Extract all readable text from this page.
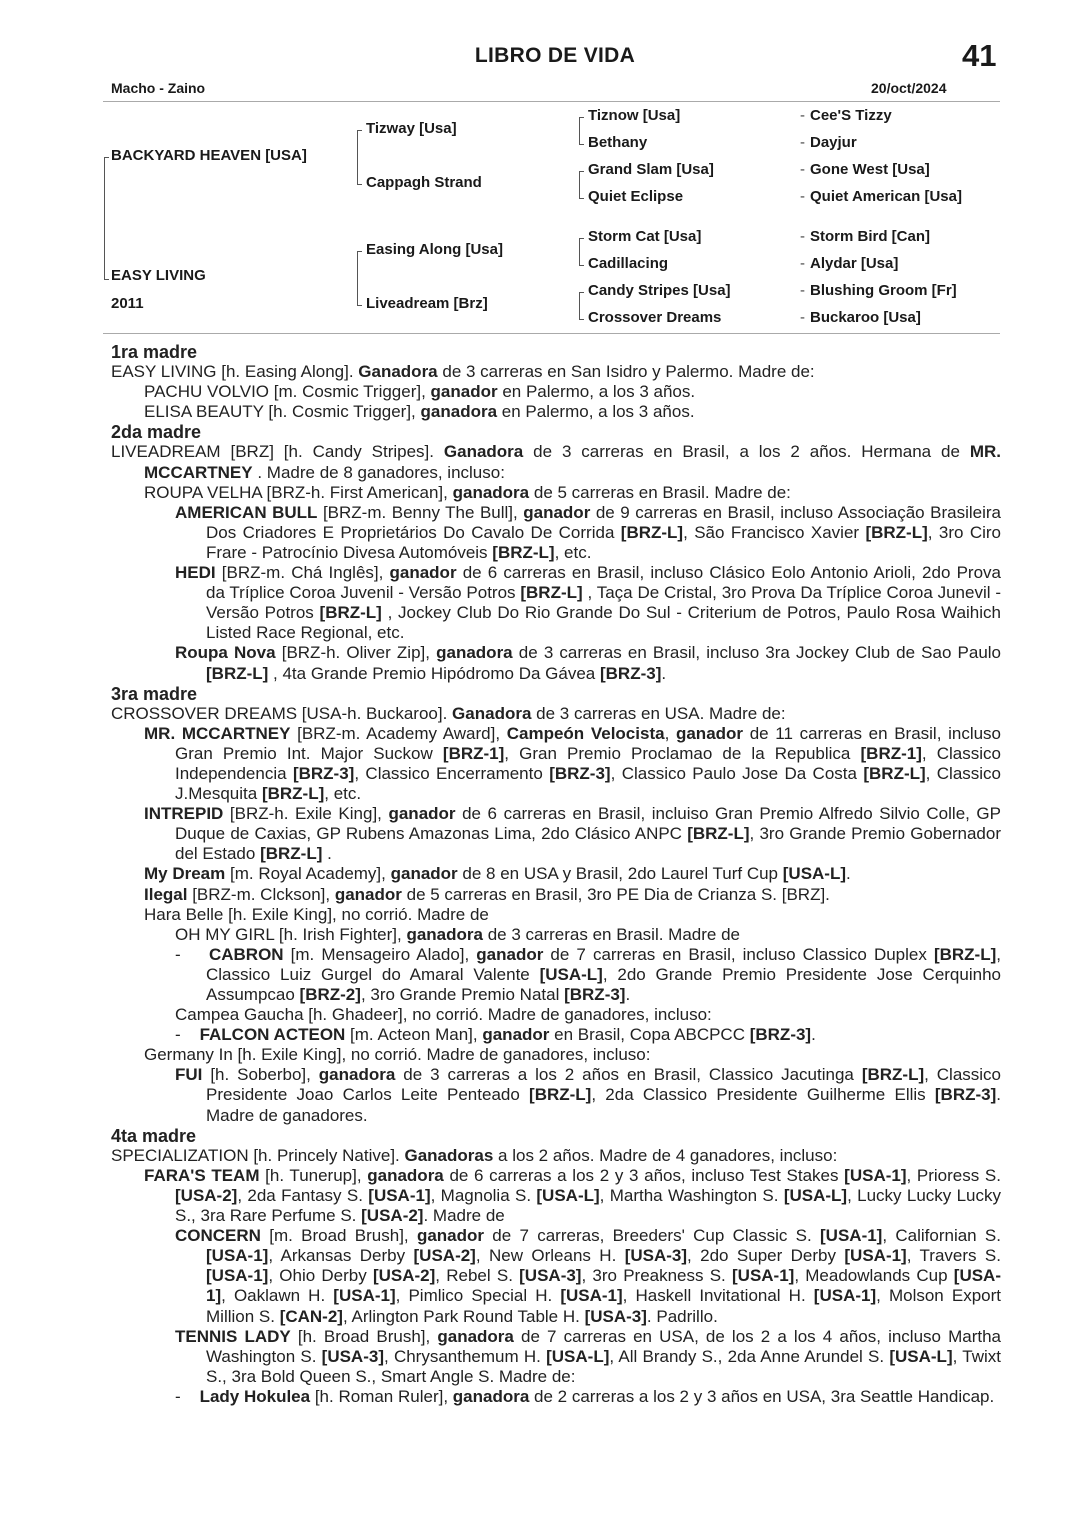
LIBRO DE VIDA	41
Macho - Zaino	20/oct/2024
BACKYARD HEAVEN [USA]
EASY LIVING
2011
Tizway [Usa]
Cappagh Strand
Easing Along [Usa]
Liveadream [Brz]
Tiznow [Usa]
Bethany
Grand Slam [Usa]
Quiet Eclipse
Storm Cat [Usa]
Cadillacing
Candy Stripes [Usa]
Crossover Dreams
- Cee'S Tizzy
- Dayjur
- Gone West [Usa]
- Quiet American [Usa]
- Storm Bird [Can]
- Alydar [Usa]
- Blushing Groom [Fr]
- Buckaroo [Usa]

1ra madre

EASY LIVING [h. Easing Along]. Ganadora de 3 carreras en San Isidro y Palermo. Madre de:

PACHU VOLVIO [m. Cosmic Trigger], ganador en Palermo, a los 3 años.

ELISA BEAUTY [h. Cosmic Trigger], ganadora en Palermo, a los 3 años.

2da madre

LIVEADREAM [BRZ] [h. Candy Stripes]. Ganadora de 3 carreras en Brasil, a los 2 años. Hermana de MR. MCCARTNEY . Madre de 8 ganadores, incluso:

ROUPA VELHA [BRZ-h. First American], ganadora de 5 carreras en Brasil. Madre de:

AMERICAN BULL [BRZ-m. Benny The Bull], ganador de 9 carreras en Brasil, incluso Associação Brasileira Dos Criadores E Proprietários Do Cavalo De Corrida [BRZ-L], São Francisco Xavier [BRZ-L], 3ro Ciro Frare - Patrocínio Divesa Automóveis [BRZ-L], etc.

HEDI [BRZ-m. Chá Inglês], ganador de 6 carreras en Brasil, incluso Clásico Eolo Antonio Arioli, 2do Prova da Tríplice Coroa Juvenil - Versão Potros [BRZ-L] , Taça De Cristal, 3ro Prova Da Tríplice Coroa Junevil - Versão Potros [BRZ-L] , Jockey Club Do Rio Grande Do Sul - Criterium de Potros, Paulo Rosa Waihich Listed Race Regional, etc.

Roupa Nova [BRZ-h. Oliver Zip], ganadora de 3 carreras en Brasil, incluso 3ra Jockey Club de Sao Paulo [BRZ-L] , 4ta Grande Premio Hipódromo Da Gávea [BRZ-3].

3ra madre

CROSSOVER DREAMS [USA-h. Buckaroo]. Ganadora de 3 carreras en USA. Madre de:

MR. MCCARTNEY [BRZ-m. Academy Award], Campeón Velocista, ganador de 11 carreras en Brasil, incluso Gran Premio Int. Major Suckow [BRZ-1], Gran Premio Proclamao de la Republica [BRZ-1], Classico Independencia [BRZ-3], Classico Encerramento [BRZ-3], Classico Paulo Jose Da Costa [BRZ-L], Classico J.Mesquita [BRZ-L], etc.

INTREPID [BRZ-h. Exile King], ganador de 6 carreras en Brasil, incluiso Gran Premio Alfredo Silvio Colle, GP Duque de Caxias, GP Rubens Amazonas Lima, 2do Clásico ANPC [BRZ-L], 3ro Grande Premio Gobernador del Estado [BRZ-L] .

My Dream [m. Royal Academy], ganador de 8 en USA y Brasil, 2do Laurel Turf Cup [USA-L].

Ilegal [BRZ-m. Clckson], ganador de 5 carreras en Brasil, 3ro PE Dia de Crianza S. [BRZ].

Hara Belle [h. Exile King], no corrió. Madre de

OH MY GIRL [h. Irish Fighter], ganadora de 3 carreras en Brasil. Madre de

-    CABRON [m. Mensageiro Alado], ganador de 7 carreras en Brasil, incluso Classico Duplex [BRZ-L], Classico Luiz Gurgel do Amaral Valente [USA-L], 2do Grande Premio Presidente Jose Cerquinho Assumpcao [BRZ-2], 3ro Grande Premio Natal [BRZ-3].

Campea Gaucha [h. Ghadeer], no corrió. Madre de ganadores, incluso:

-    FALCON ACTEON [m. Acteon Man], ganador en Brasil, Copa ABCPCC [BRZ-3].

Germany In [h. Exile King], no corrió. Madre de ganadores, incluso:

FUI [h. Soberbo], ganadora de 3 carreras a los 2 años en Brasil, Classico Jacutinga [BRZ-L], Classico Presidente Joao Carlos Leite Penteado [BRZ-L], 2da Classico Presidente Guilherme Ellis [BRZ-3]. Madre de ganadores.

4ta madre

SPECIALIZATION [h. Princely Native]. Ganadoras a los 2 años. Madre de 4 ganadores, incluso:

FARA'S TEAM [h. Tunerup], ganadora de 6 carreras a los 2 y 3 años, incluso Test Stakes [USA-1], Prioress S. [USA-2], 2da Fantasy S. [USA-1], Magnolia S. [USA-L], Martha Washington S. [USA-L], Lucky Lucky Lucky S., 3ra Rare Perfume S. [USA-2]. Madre de

CONCERN [m. Broad Brush], ganador de 7 carreras, Breeders' Cup Classic S. [USA-1], Californian S. [USA-1], Arkansas Derby [USA-2], New Orleans H. [USA-3], 2do Super Derby [USA-1], Travers S. [USA-1], Ohio Derby [USA-2], Rebel S. [USA-3], 3ro Preakness S. [USA-1], Meadowlands Cup [USA-1], Oaklawn H. [USA-1], Pimlico Special H. [USA-1], Haskell Invitational H. [USA-1], Molson Export Million S. [CAN-2], Arlington Park Round Table H. [USA-3]. Padrillo.

TENNIS LADY [h. Broad Brush], ganadora de 7 carreras en USA, de los 2 a los 4 años, incluso Martha Washington S. [USA-3], Chrysanthemum H. [USA-L], All Brandy S., 2da Anne Arundel S. [USA-L], Twixt S., 3ra Bold Queen S., Smart Angle S. Madre de:

-    Lady Hokulea [h. Roman Ruler], ganadora de 2 carreras a los 2 y 3 años en USA, 3ra Seattle Handicap.
